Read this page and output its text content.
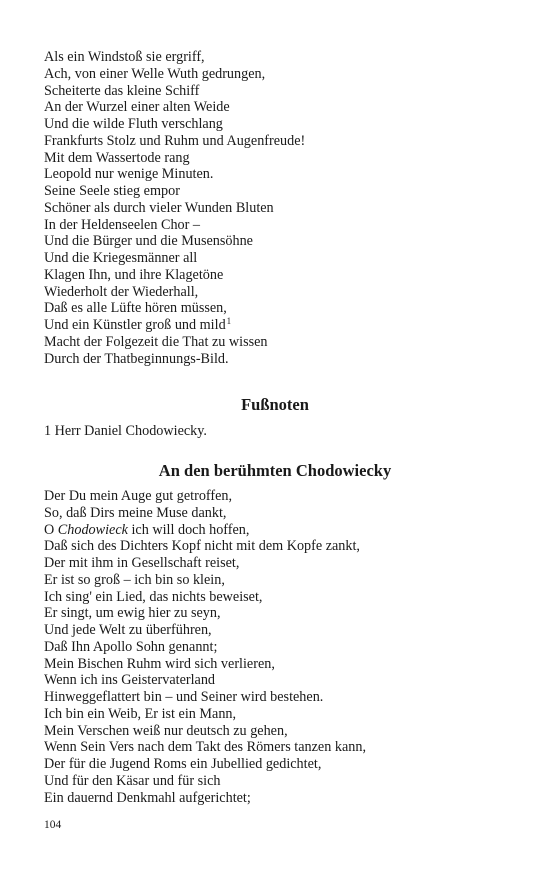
Als ein Windstoß sie ergriff,
Ach, von einer Welle Wuth gedrungen,
Scheiterte das kleine Schiff
An der Wurzel einer alten Weide
Und die wilde Fluth verschlang
Frankfurts Stolz und Ruhm und Augenfreude!
Mit dem Wassertode rang
Leopold nur wenige Minuten.
Seine Seele stieg empor
Schöner als durch vieler Wunden Bluten
In der Heldenseelen Chor –
Und die Bürger und die Musensöhne
Und die Kriegesmänner all
Klagen Ihn, und ihre Klagetöne
Wiederholt der Wiederhall,
Daß es alle Lüfte hören müssen,
Und ein Künstler groß und mild$^1$
Macht der Folgezeit die That zu wissen
Durch der Thatbeginnungs-Bild.
Fußnoten
1 Herr Daniel Chodowiecky.
An den berühmten Chodowiecky
Der Du mein Auge gut getroffen,
So, daß Dirs meine Muse dankt,
O Chodowieck ich will doch hoffen,
Daß sich des Dichters Kopf nicht mit dem Kopfe zankt,
Der mit ihm in Gesellschaft reiset,
Er ist so groß – ich bin so klein,
Ich sing' ein Lied, das nichts beweiset,
Er singt, um ewig hier zu seyn,
Und jede Welt zu überführen,
Daß Ihn Apollo Sohn genannt;
Mein Bischen Ruhm wird sich verlieren,
Wenn ich ins Geistervaterland
Hinweggeflattert bin – und Seiner wird bestehen.
Ich bin ein Weib, Er ist ein Mann,
Mein Verschen weiß nur deutsch zu gehen,
Wenn Sein Vers nach dem Takt des Römers tanzen kann,
Der für die Jugend Roms ein Jubellied gedichtet,
Und für den Käsar und für sich
Ein dauernd Denkmahl aufgerichtet;
104
